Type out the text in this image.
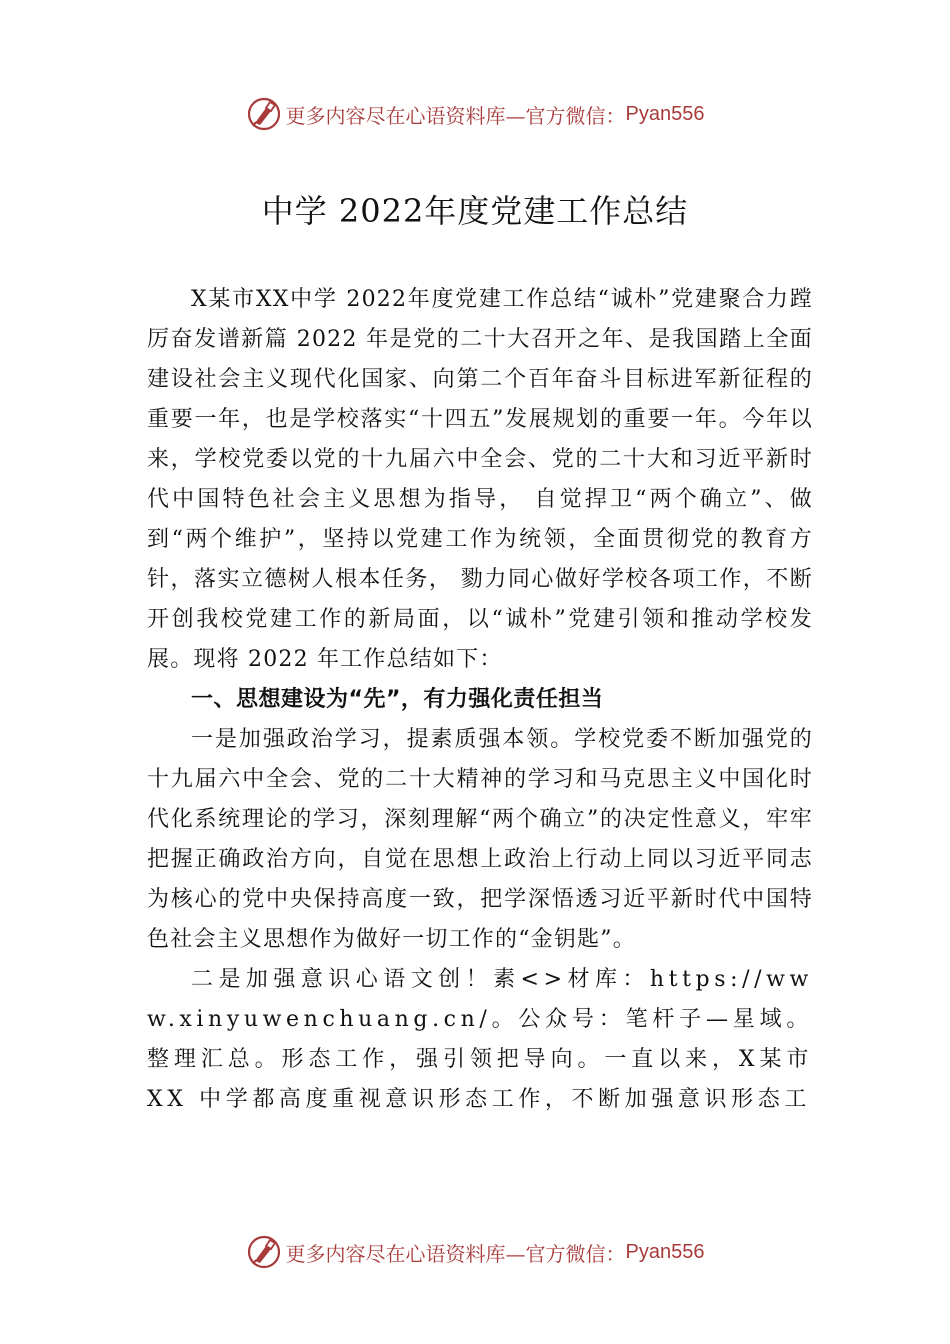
更多内容尽在心语资料库—官方微信： Pyan556
中学 2022年度党建工作总结

X某市XX中学 2022年度党建工作总结“诚朴”党建聚合力蹚厉奋发谱新篇 2022 年是党的二十大召开之年、是我国踏上全面建设社会主义现代化国家、向第二个百年奋斗目标进军新征程的重要一年，也是学校落实“十四五”发展规划的重要一年。今年以来，学校党委以党的十九届六中全会、党的二十大和习近平新时代中国特色社会主义思想为指导， 自觉捍卫“两个确立”、做到“两个维护”，坚持以党建工作为统领，全面贯彻党的教育方针，落实立德树人根本任务， 勠力同心做好学校各项工作，不断开创我校党建工作的新局面，以“诚朴”党建引领和推动学校发展。现将 2022 年工作总结如下：

一、思想建设为“先”，有力强化责任担当

一是加强政治学习，提素质强本领。学校党委不断加强党的十九届六中全会、党的二十大精神的学习和马克思主义中国化时代化系统理论的学习，深刻理解“两个确立”的决定性意义，牢牢把握正确政治方向，自觉在思想上政治上行动上同以习近平同志为核心的党中央保持高度一致，把学深悟透习近平新时代中国特色社会主义思想作为做好一切工作的“金钥匙”。

二是加强意识心语文创！素<>材库：https://www.xinyuwenchuang.cn/。公众号：笔杆子—星域。整理汇总。形态工作，强引领把导向。一直以来，X某市 XX 中学都高度重视意识形态工作，不断加强意识形态工

更多内容尽在心语资料库—官方微信： Pyan556
